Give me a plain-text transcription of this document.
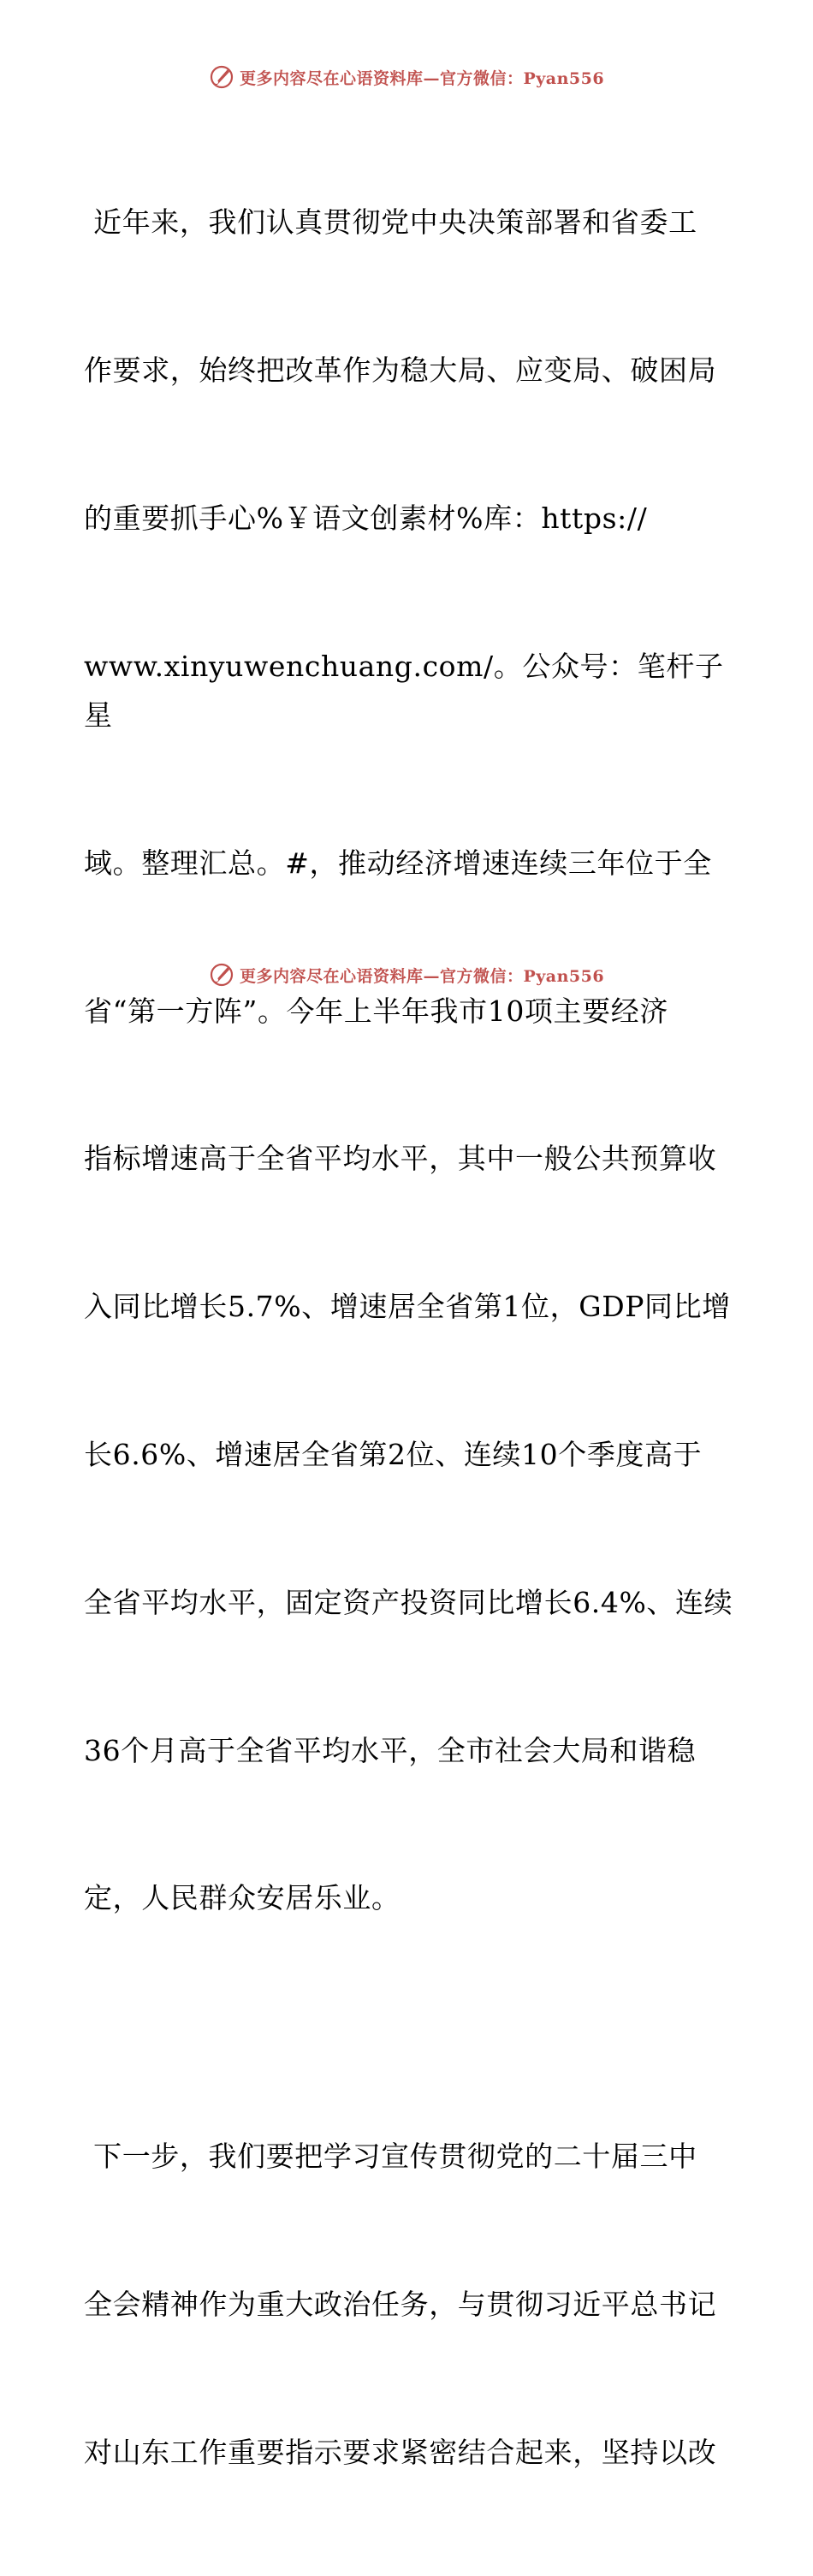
更多内容尽在心语资料库—官方微信：Pyan556

近年来，我们认真贯彻党中央决策部署和省委工

作要求，始终把改革作为稳大局、应变局、破困局

的重要抓手心%￥语文创素材%库：https://

www.xinyuwenchuang.com/。公众号：笔杆子星

域。整理汇总。#，推动经济增速连续三年位于全

省“第一方阵”。今年上半年我市10项主要经济

指标增速高于全省平均水平，其中一般公共预算收

入同比增长5.7%、增速居全省第1位，GDP同比增

长6.6%、增速居全省第2位、连续10个季度高于

全省平均水平，固定资产投资同比增长6.4%、连续

36个月高于全省平均水平，全市社会大局和谐稳

定，人民群众安居乐业。

下一步，我们要把学习宣传贯彻党的二十届三中

全会精神作为重大政治任务，与贯彻习近平总书记

对山东工作重要指示要求紧密结合起来，坚持以改

更多内容尽在心语资料库—官方微信：Pyan556
